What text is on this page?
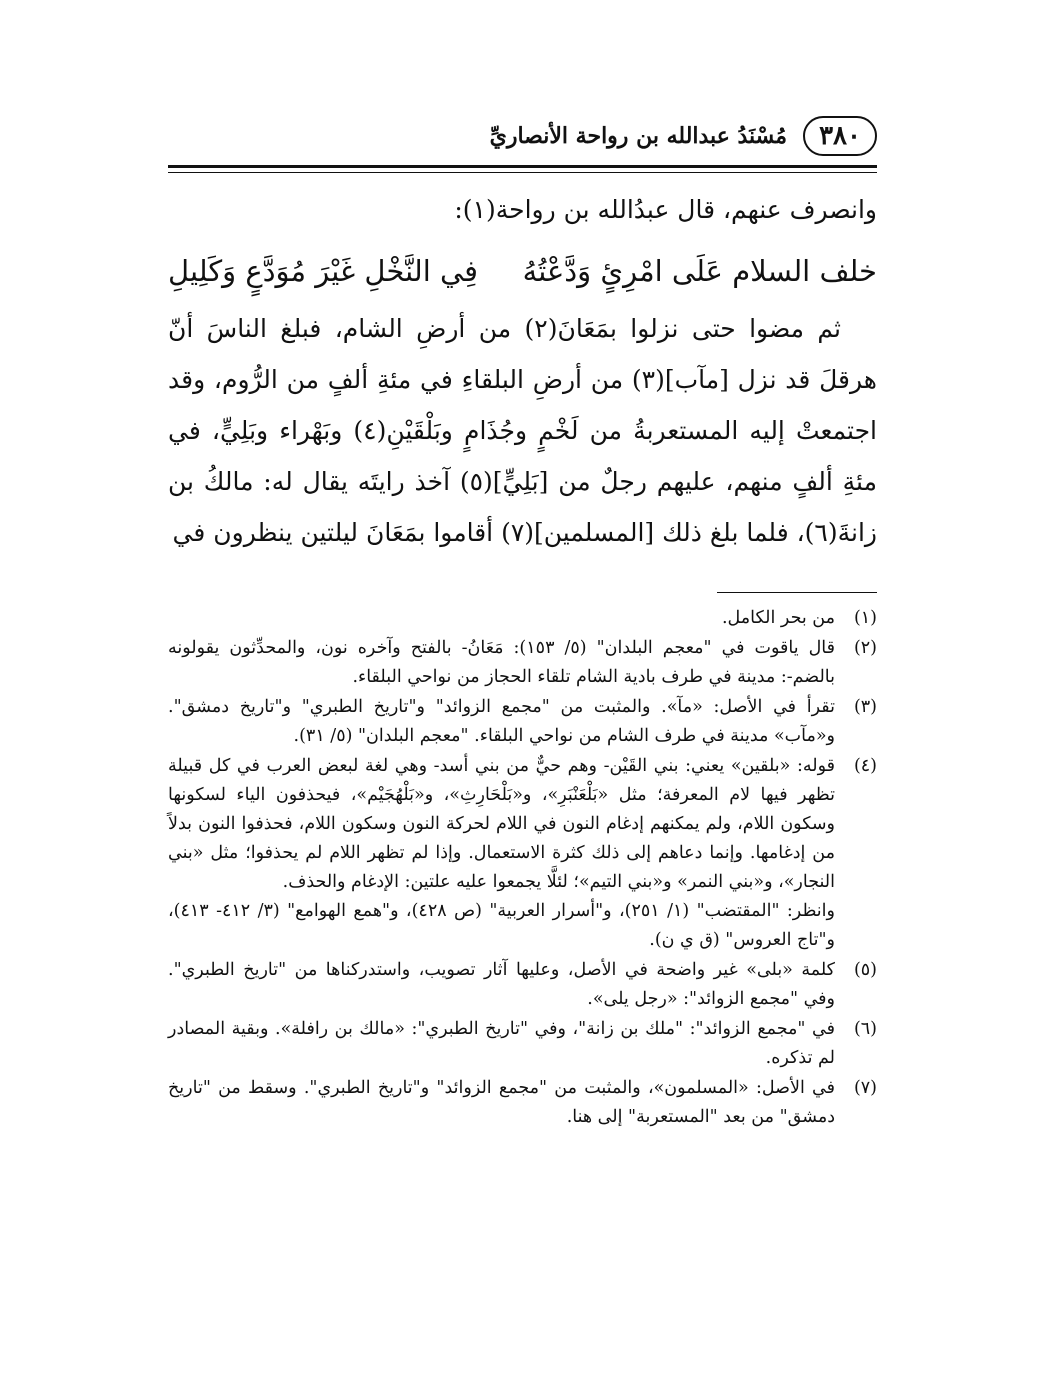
٣٨٠
مُسْنَدُ عبدالله بن رواحة الأنصاريِّ

وانصرف عنهم، قال عبدُالله بن رواحة(١):

خلف السلام عَلَى امْرِئٍ وَدَّعْتُهُ
فِي النَّخْلِ غَيْرَ مُوَدَّعٍ وَكَلِيلِ

ثم مضوا حتى نزلوا بمَعَانَ(٢) من أرضِ الشام، فبلغ الناسَ أنّ هرقلَ قد نزل [مآب](٣) من أرضِ البلقاءِ في مئةِ ألفٍ من الرُّوم، وقد اجتمعتْ إليه المستعربةُ من لَخْمٍ وجُذَامٍ وبَلْقَيْنِ(٤) وبَهْراء وبَلِيٍّ، في مئةِ ألفٍ منهم، عليهم رجلٌ من [بَلِيٍّ](٥) آخذ رايتَه يقال له: مالكُ بن زانةَ(٦)، فلما بلغ ذلك [المسلمين](٧) أقاموا بمَعَانَ ليلتين ينظرون في

(١)

من بحر الكامل.

(٢)

قال ياقوت في "معجم البلدان" (٥/ ١٥٣): مَعَانُ- بالفتح وآخره نون، والمحدِّثون يقولونه بالضم-: مدينة في طرف بادية الشام تلقاء الحجاز من نواحي البلقاء.

(٣)

تقرأ في الأصل: «مآ». والمثبت من "مجمع الزوائد" و"تاريخ الطبري" و"تاريخ دمشق". و«مآب» مدينة في طرف الشام من نواحي البلقاء. "معجم البلدان" (٥/ ٣١).

(٤)

قوله: «بلقين» يعني: بني القَيْن- وهم حيٌّ من بني أسد- وهي لغة لبعض العرب في كل قبيلة تظهر فيها لام المعرفة؛ مثل «بَلْعَنْبَرِ»، و«بَلْحَارِثِ»، و«بَلْهُجَيْم»، فيحذفون الياء لسكونها وسكون اللام، ولم يمكنهم إدغام النون في اللام لحركة النون وسكون اللام، فحذفوا النون بدلاً من إدغامها. وإنما دعاهم إلى ذلك كثرة الاستعمال. وإذا لم تظهر اللام لم يحذفوا؛ مثل «بني النجار»، و«بني النمر» و«بني التيم»؛ لئلَّا يجمعوا عليه علتين: الإدغام والحذف.

وانظر: "المقتضب" (١/ ٢٥١)، و"أسرار العربية" (ص ٤٢٨)، و"همع الهوامع" (٣/ ٤١٢- ٤١٣)، و"تاج العروس" (ق ي ن).

(٥)

كلمة «بلى» غير واضحة في الأصل، وعليها آثار تصويب، واستدركناها من "تاريخ الطبري". وفي "مجمع الزوائد": «رجل يلى».

(٦)

في "مجمع الزوائد": "ملك بن زانة"، وفي "تاريخ الطبري": «مالك بن رافلة». وبقية المصادر لم تذكره.

(٧)

في الأصل: «المسلمون»، والمثبت من "مجمع الزوائد" و"تاريخ الطبري". وسقط من "تاريخ دمشق" من بعد "المستعربة" إلى هنا.
